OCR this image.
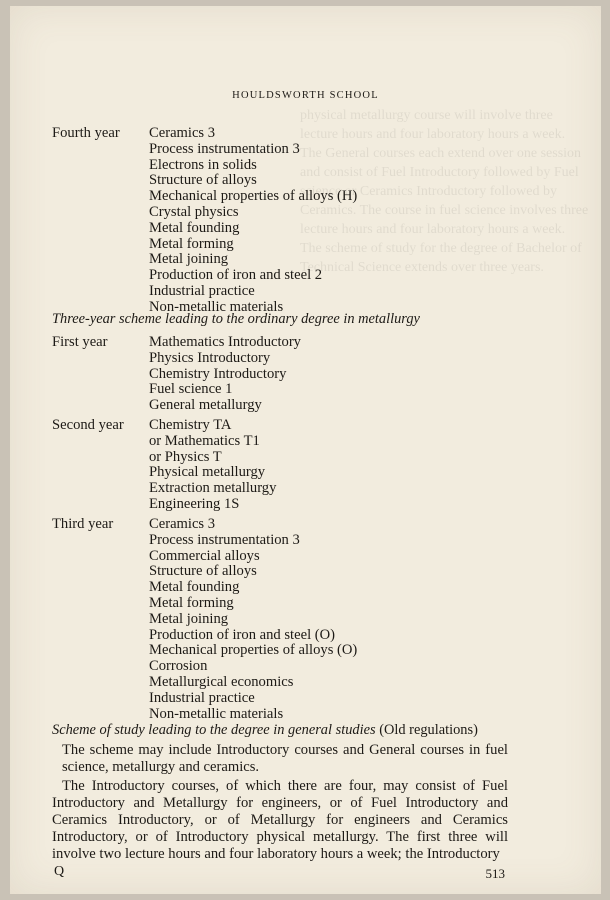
physical metallurgy course will involve three lecture hours and four laboratory hours a week. The General courses each extend over one session and consist of Fuel Introductory followed by Fuel science or Ceramics Introductory followed by Ceramics. The course in fuel science involves three lecture hours and four laboratory hours a week. The scheme of study for the degree of Bachelor of Technical Science extends over three years.
HOULDSWORTH SCHOOL
Fourth year	Ceramics 3
Process instrumentation 3
Electrons in solids
Structure of alloys
Mechanical properties of alloys (H)
Crystal physics
Metal founding
Metal forming
Metal joining
Production of iron and steel 2
Industrial practice
Non-metallic materials
Three-year scheme leading to the ordinary degree in metallurgy
First year	Mathematics Introductory
Physics Introductory
Chemistry Introductory
Fuel science 1
General metallurgy
Second year	Chemistry TA
or Mathematics T1
or Physics T
Physical metallurgy
Extraction metallurgy
Engineering 1S
Third year	Ceramics 3
Process instrumentation 3
Commercial alloys
Structure of alloys
Metal founding
Metal forming
Metal joining
Production of iron and steel (O)
Mechanical properties of alloys (O)
Corrosion
Metallurgical economics
Industrial practice
Non-metallic materials
Scheme of study leading to the degree in general studies (Old regulations)
The scheme may include Introductory courses and General courses in fuel science, metallurgy and ceramics.
The Introductory courses, of which there are four, may consist of Fuel Introductory and Metallurgy for engineers, or of Fuel Introductory and Ceramics Introductory, or of Metallurgy for engineers and Ceramics Introductory, or of Introductory physical metallurgy. The first three will involve two lecture hours and four laboratory hours a week; the Introductory
Q	513
